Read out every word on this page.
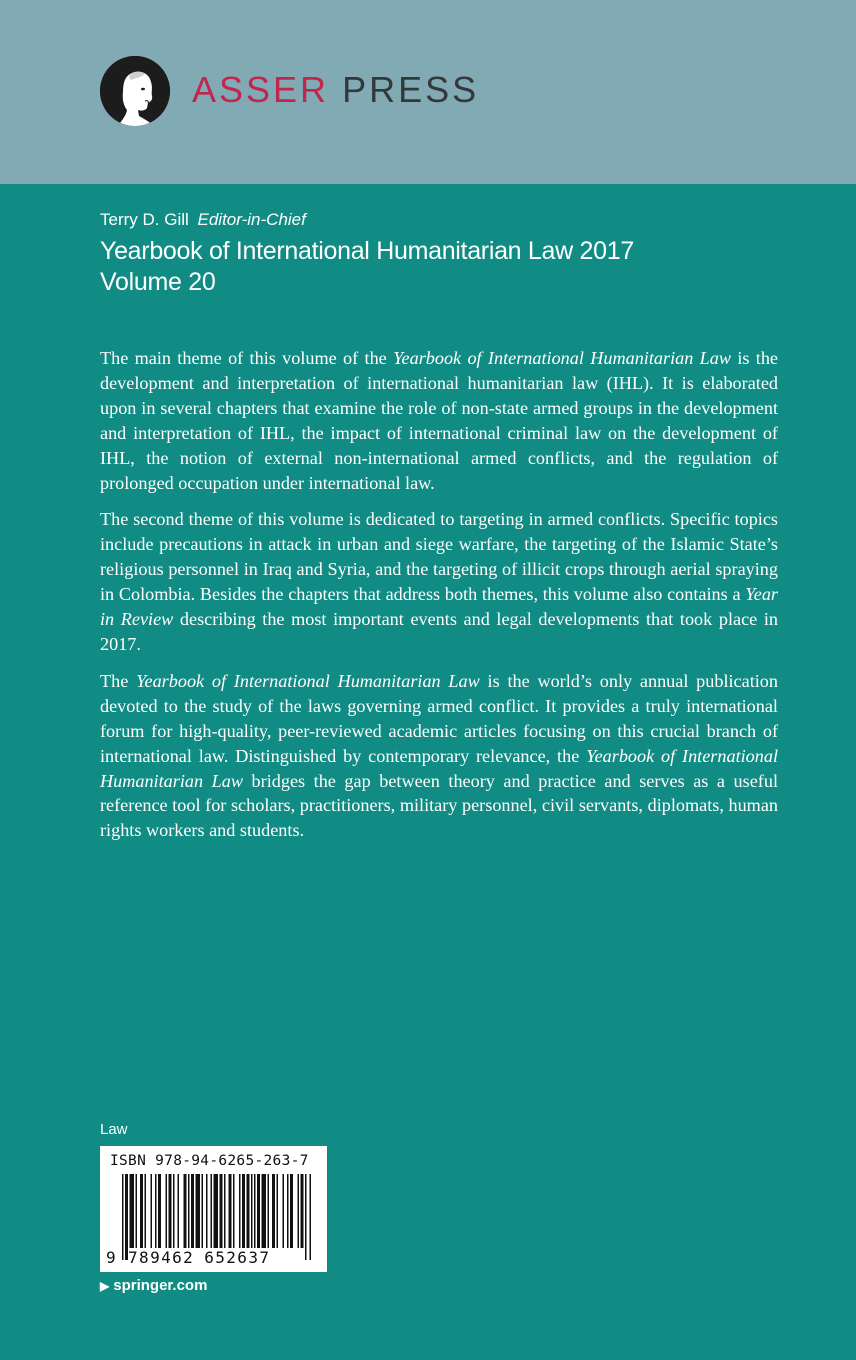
ASSER PRESS
Terry D. Gill Editor-in-Chief
Yearbook of International Humanitarian Law 2017
Volume 20

The main theme of this volume of the Yearbook of International Humanitarian Law is the development and interpretation of international humanitarian law (IHL). It is elaborated upon in several chapters that examine the role of non-state armed groups in the development and interpretation of IHL, the impact of international criminal law on the development of IHL, the notion of external non-international armed conflicts, and the regulation of prolonged occupation under international law.

The second theme of this volume is dedicated to targeting in armed conflicts. Specific topics include precautions in attack in urban and siege warfare, the targeting of the Islamic State’s religious personnel in Iraq and Syria, and the targeting of illicit crops through aerial spraying in Colombia. Besides the chapters that address both themes, this volume also contains a Year in Review describing the most important events and legal developments that took place in 2017.

The Yearbook of International Humanitarian Law is the world’s only annual publication devoted to the study of the laws governing armed conflict. It provides a truly international forum for high-quality, peer-reviewed academic articles focusing on this crucial branch of international law. Distinguished by contemporary relevance, the Yearbook of International Humanitarian Law bridges the gap between theory and practice and serves as a useful reference tool for scholars, practitioners, military personnel, civil servants, diplomats, human rights workers and students.

Law
ISBN 978-94-6265-263-7
9 789462 652637
▶ springer.com
